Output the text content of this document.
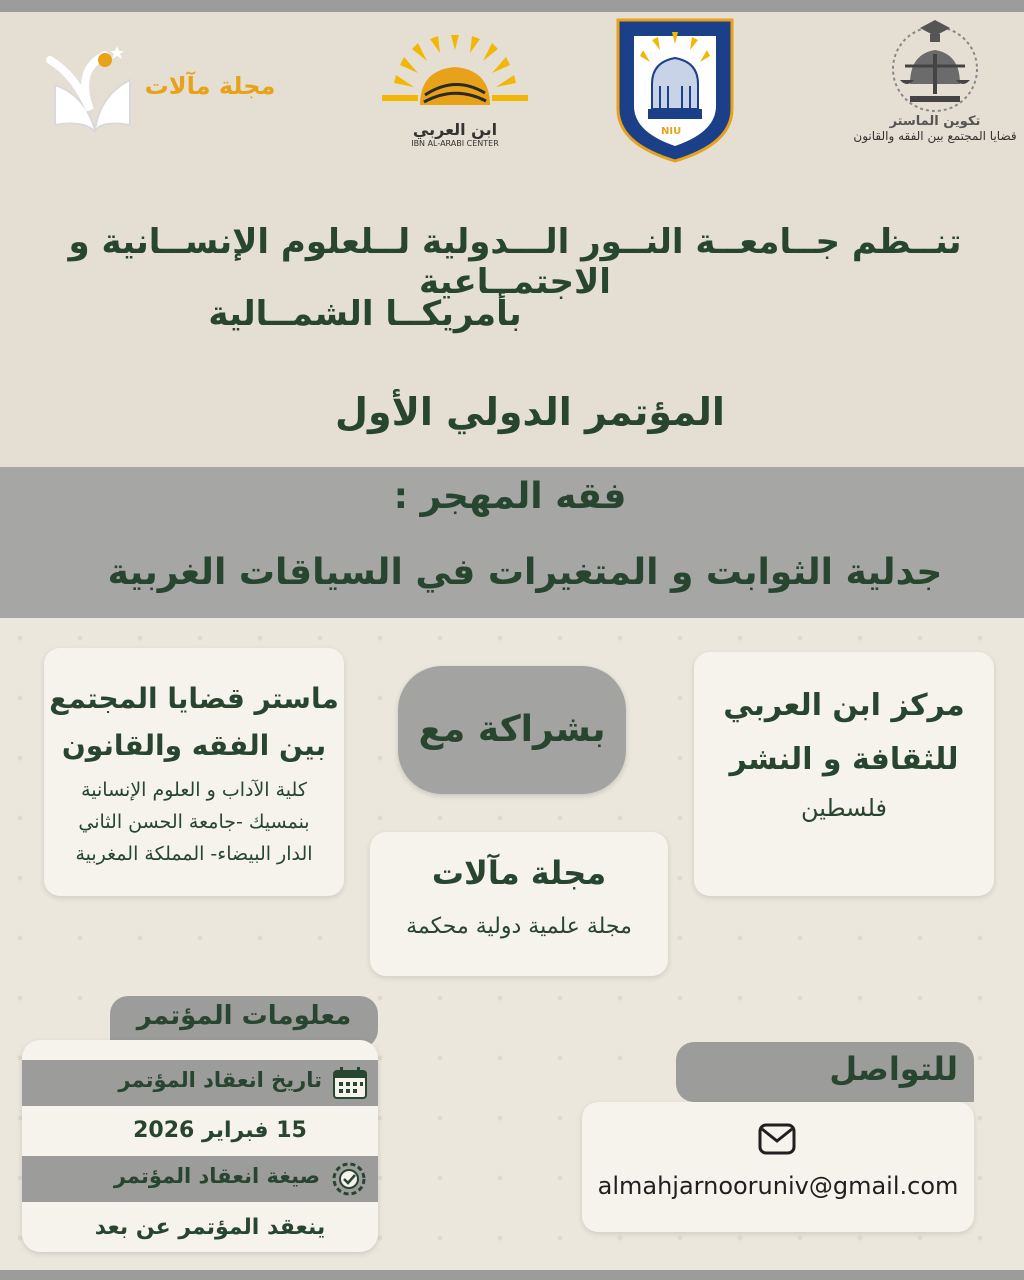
مجلة مآلات
ابن العربي
IBN AL-ARABI CENTER
NIU
تكوين الماستر
قضايا المجتمع بين الفقه والقانون
تنــظم جــامعــة النــور الـــدولية لــلعلوم الإنســانية و الاجتمــاعية
بأمريكــا الشمــالية
المؤتمر الدولي الأول
فقه المهجر :
جدلية الثوابت و المتغيرات في السياقات الغربية
ماستر قضايا المجتمع
بين الفقه والقانون
كلية الآداب و العلوم الإنسانية
بنمسيك -جامعة الحسن الثاني
الدار البيضاء- المملكة المغربية
بشراكة مع
مجلة مآلات
مجلة علمية دولية محكمة
مركز ابن العربي
للثقافة و النشر
فلسطين
معلومات المؤتمر
تاريخ انعقاد المؤتمر
15 فبراير 2026
صيغة انعقاد المؤتمر
ينعقد المؤتمر عن بعد
للتواصل
almahjarnooruniv@gmail.com
